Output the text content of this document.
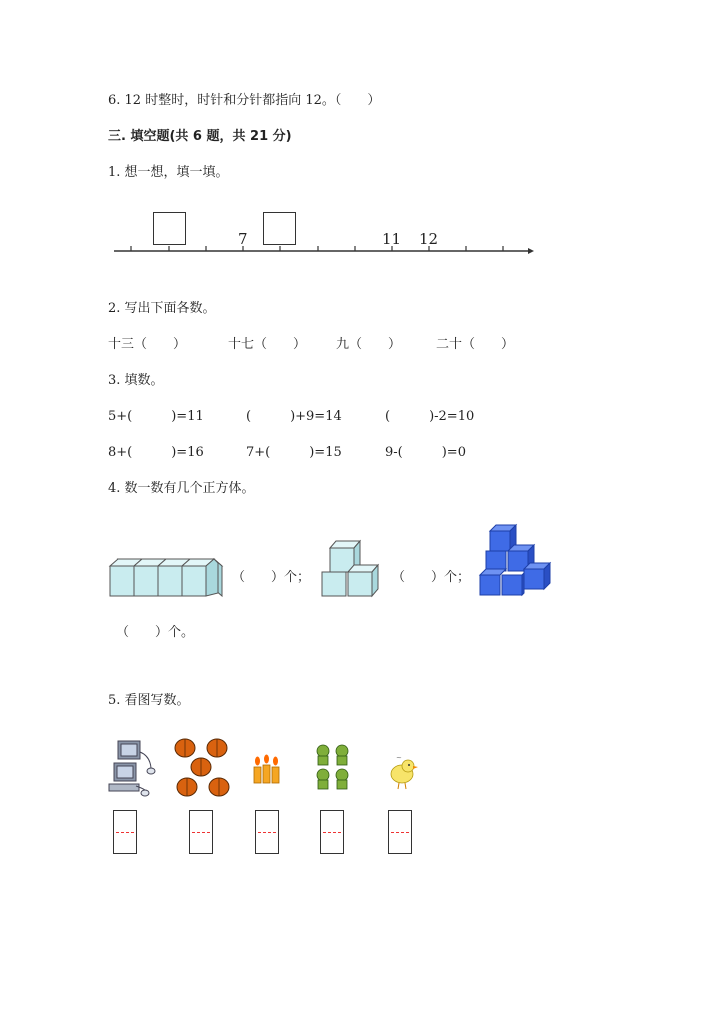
6. 12 时整时，时针和分针都指向 12。（　　）
三. 填空题(共 6 题，共 21 分)
1. 想一想，填一填。
7	11 12
2. 写出下面各数。
十三（　　）	十七（　　） 九（　　）	二十（　　）
3. 填数。
5+(　　　)=11	(　　　)+9=14	(　　　)-2=10
8+(　　　)=16	7+(　　　)=15	9-(　　　)=0
4. 数一数有几个正方体。
（　　）个；	（　　）个；
（　　）个。
5. 看图写数。
~
